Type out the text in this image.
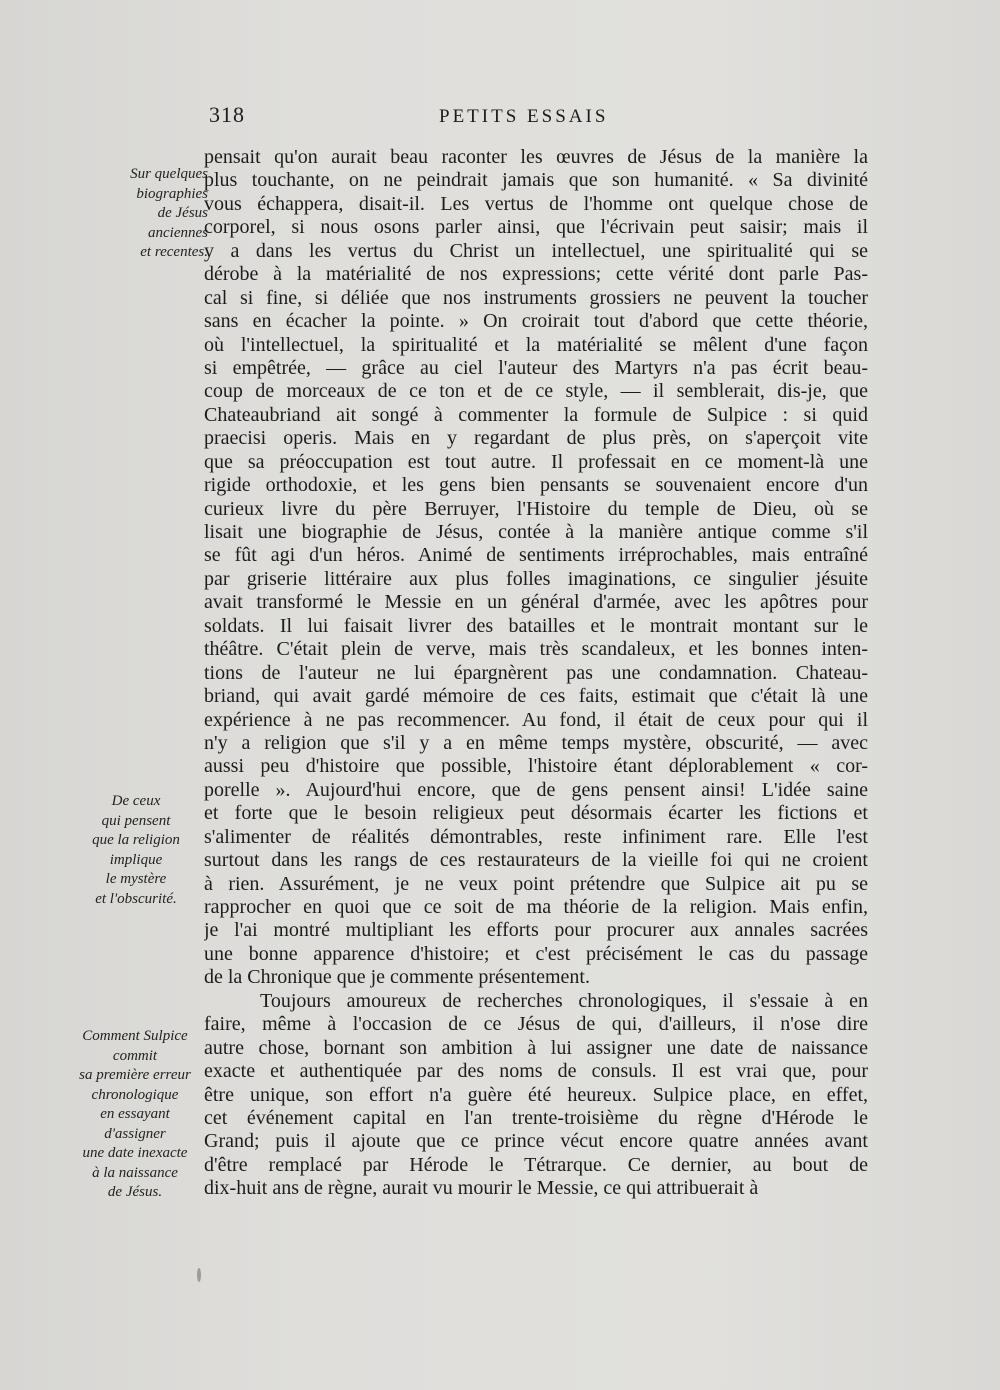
318	PETITS ESSAIS
Sur quelques
biographies
de Jésus
anciennes
et recentes.
De ceux
qui pensent
que la religion
implique
le mystère
et l'obscurité.
Comment Sulpice
commit
sa première erreur
chronologique
en essayant
d'assigner
une date inexacte
à la naissance
de Jésus.
pensait qu'on aurait beau raconter les œuvres de Jésus de la manière la
plus touchante, on ne peindrait jamais que son humanité. « Sa divinité
vous échappera, disait-il. Les vertus de l'homme ont quelque chose de
corporel, si nous osons parler ainsi, que l'écrivain peut saisir; mais il
y a dans les vertus du Christ un intellectuel, une spiritualité qui se
dérobe à la matérialité de nos expressions; cette vérité dont parle Pas-
cal si fine, si déliée que nos instruments grossiers ne peuvent la toucher
sans en écacher la pointe. » On croirait tout d'abord que cette théorie,
où l'intellectuel, la spiritualité et la matérialité se mêlent d'une façon
si empêtrée, — grâce au ciel l'auteur des Martyrs n'a pas écrit beau-
coup de morceaux de ce ton et de ce style, — il semblerait, dis-je, que
Chateaubriand ait songé à commenter la formule de Sulpice : si quid
praecisi operis. Mais en y regardant de plus près, on s'aperçoit vite
que sa préoccupation est tout autre. Il professait en ce moment-là une
rigide orthodoxie, et les gens bien pensants se souvenaient encore d'un
curieux livre du père Berruyer, l'Histoire du temple de Dieu, où se
lisait une biographie de Jésus, contée à la manière antique comme s'il
se fût agi d'un héros. Animé de sentiments irréprochables, mais entraîné
par griserie littéraire aux plus folles imaginations, ce singulier jésuite
avait transformé le Messie en un général d'armée, avec les apôtres pour
soldats. Il lui faisait livrer des batailles et le montrait montant sur le
théâtre. C'était plein de verve, mais très scandaleux, et les bonnes inten-
tions de l'auteur ne lui épargnèrent pas une condamnation. Chateau-
briand, qui avait gardé mémoire de ces faits, estimait que c'était là une
expérience à ne pas recommencer. Au fond, il était de ceux pour qui il
n'y a religion que s'il y a en même temps mystère, obscurité, — avec
aussi peu d'histoire que possible, l'histoire étant déplorablement « cor-
porelle ». Aujourd'hui encore, que de gens pensent ainsi! L'idée saine
et forte que le besoin religieux peut désormais écarter les fictions et
s'alimenter de réalités démontrables, reste infiniment rare. Elle l'est
surtout dans les rangs de ces restaurateurs de la vieille foi qui ne croient
à rien. Assurément, je ne veux point prétendre que Sulpice ait pu se
rapprocher en quoi que ce soit de ma théorie de la religion. Mais enfin,
je l'ai montré multipliant les efforts pour procurer aux annales sacrées
une bonne apparence d'histoire; et c'est précisément le cas du passage
de la Chronique que je commente présentement.
Toujours amoureux de recherches chronologiques, il s'essaie à en
faire, même à l'occasion de ce Jésus de qui, d'ailleurs, il n'ose dire
autre chose, bornant son ambition à lui assigner une date de naissance
exacte et authentiquée par des noms de consuls. Il est vrai que, pour
être unique, son effort n'a guère été heureux. Sulpice place, en effet,
cet événement capital en l'an trente-troisième du règne d'Hérode le
Grand; puis il ajoute que ce prince vécut encore quatre années avant
d'être remplacé par Hérode le Tétrarque. Ce dernier, au bout de
dix-huit ans de règne, aurait vu mourir le Messie, ce qui attribuerait à
